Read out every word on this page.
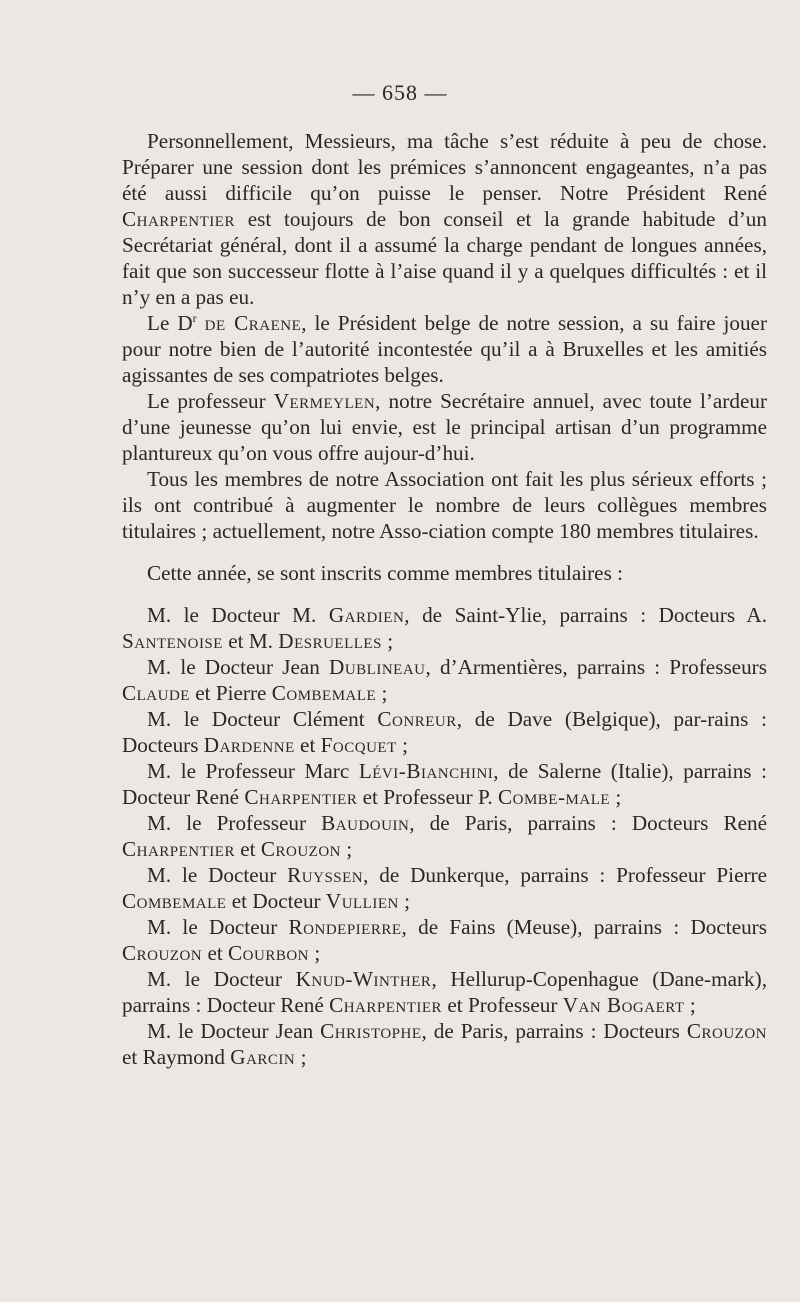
— 658 —

Personnellement, Messieurs, ma tâche s’est réduite à peu de chose. Préparer une session dont les prémices s’annoncent engageantes, n’a pas été aussi difficile qu’on puisse le penser. Notre Président René Charpentier est toujours de bon conseil et la grande habitude d’un Secrétariat général, dont il a assumé la charge pendant de longues années, fait que son successeur flotte à l’aise quand il y a quelques difficultés : et il n’y en a pas eu.

Le $D^r$ de Craene, le Président belge de notre session, a su faire jouer pour notre bien de l’autorité incontestée qu’il a à Bruxelles et les amitiés agissantes de ses compatriotes belges.

Le professeur Vermeylen, notre Secrétaire annuel, avec toute l’ardeur d’une jeunesse qu’on lui envie, est le principal artisan d’un programme plantureux qu’on vous offre aujour-d’hui.

Tous les membres de notre Association ont fait les plus sérieux efforts ; ils ont contribué à augmenter le nombre de leurs collègues membres titulaires ; actuellement, notre Asso-ciation compte 180 membres titulaires.

Cette année, se sont inscrits comme membres titulaires :

M. le Docteur M. Gardien, de Saint-Ylie, parrains : Docteurs A. Santenoise et M. Desruelles ;

M. le Docteur Jean Dublineau, d’Armentières, parrains : Professeurs Claude et Pierre Combemale ;

M. le Docteur Clément Conreur, de Dave (Belgique), par-rains : Docteurs Dardenne et Focquet ;

M. le Professeur Marc Lévi-Bianchini, de Salerne (Italie), parrains : Docteur René Charpentier et Professeur P. Combe-male ;

M. le Professeur Baudouin, de Paris, parrains : Docteurs René Charpentier et Crouzon ;

M. le Docteur Ruyssen, de Dunkerque, parrains : Professeur Pierre Combemale et Docteur Vullien ;

M. le Docteur Rondepierre, de Fains (Meuse), parrains : Docteurs Crouzon et Courbon ;

M. le Docteur Knud-Winther, Hellurup-Copenhague (Dane-mark), parrains : Docteur René Charpentier et Professeur Van Bogaert ;

M. le Docteur Jean Christophe, de Paris, parrains : Docteurs Crouzon et Raymond Garcin ;
